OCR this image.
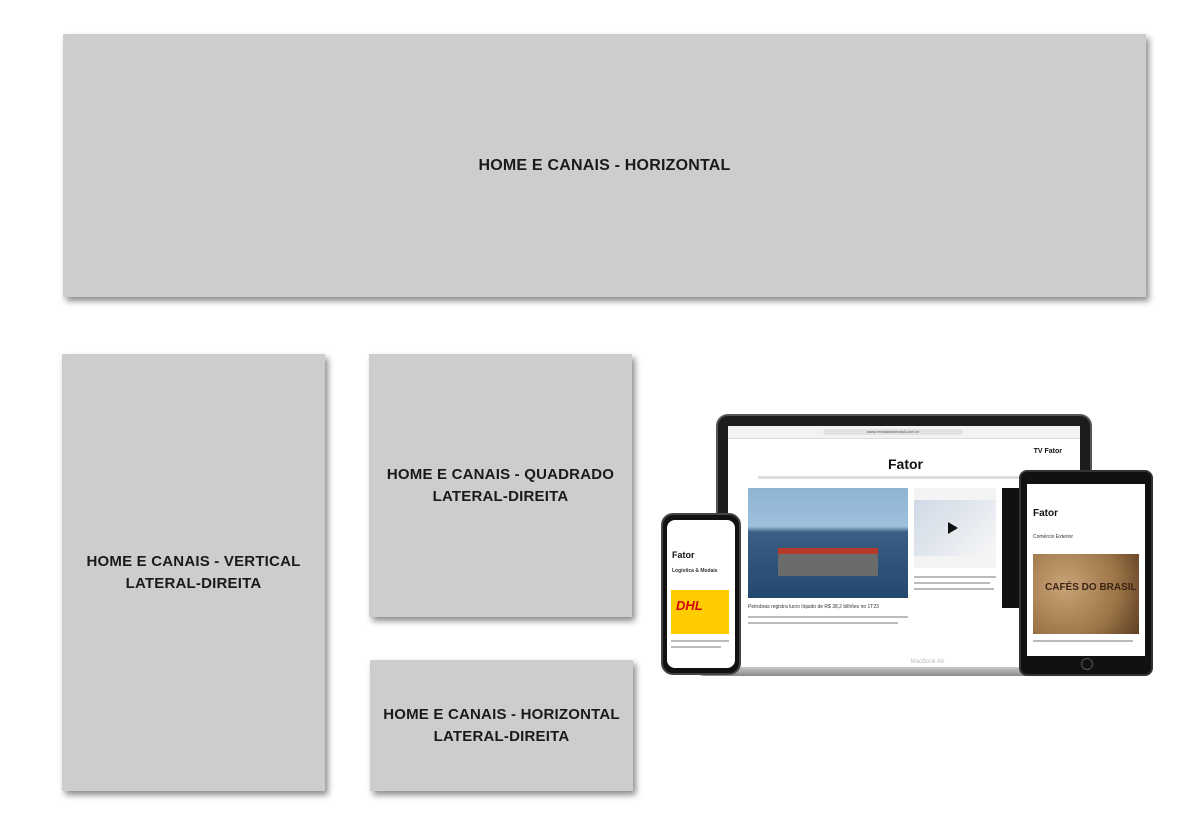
HOME E CANAIS - HORIZONTAL
HOME E CANAIS - VERTICAL
LATERAL-DIREITA
HOME E CANAIS - QUADRADO
LATERAL-DIREITA
HOME E CANAIS - HORIZONTAL
LATERAL-DIREITA
www.revistafatorbrasil.com.br
Fator
TV Fator
Petrobras registra lucro líquido de R$ 38,2 bilhões no 1T23
MacBook Air
Fator
Logística & Modais
DHL
Fator
Comércio Exterior
CAFÉS DO BRASIL
